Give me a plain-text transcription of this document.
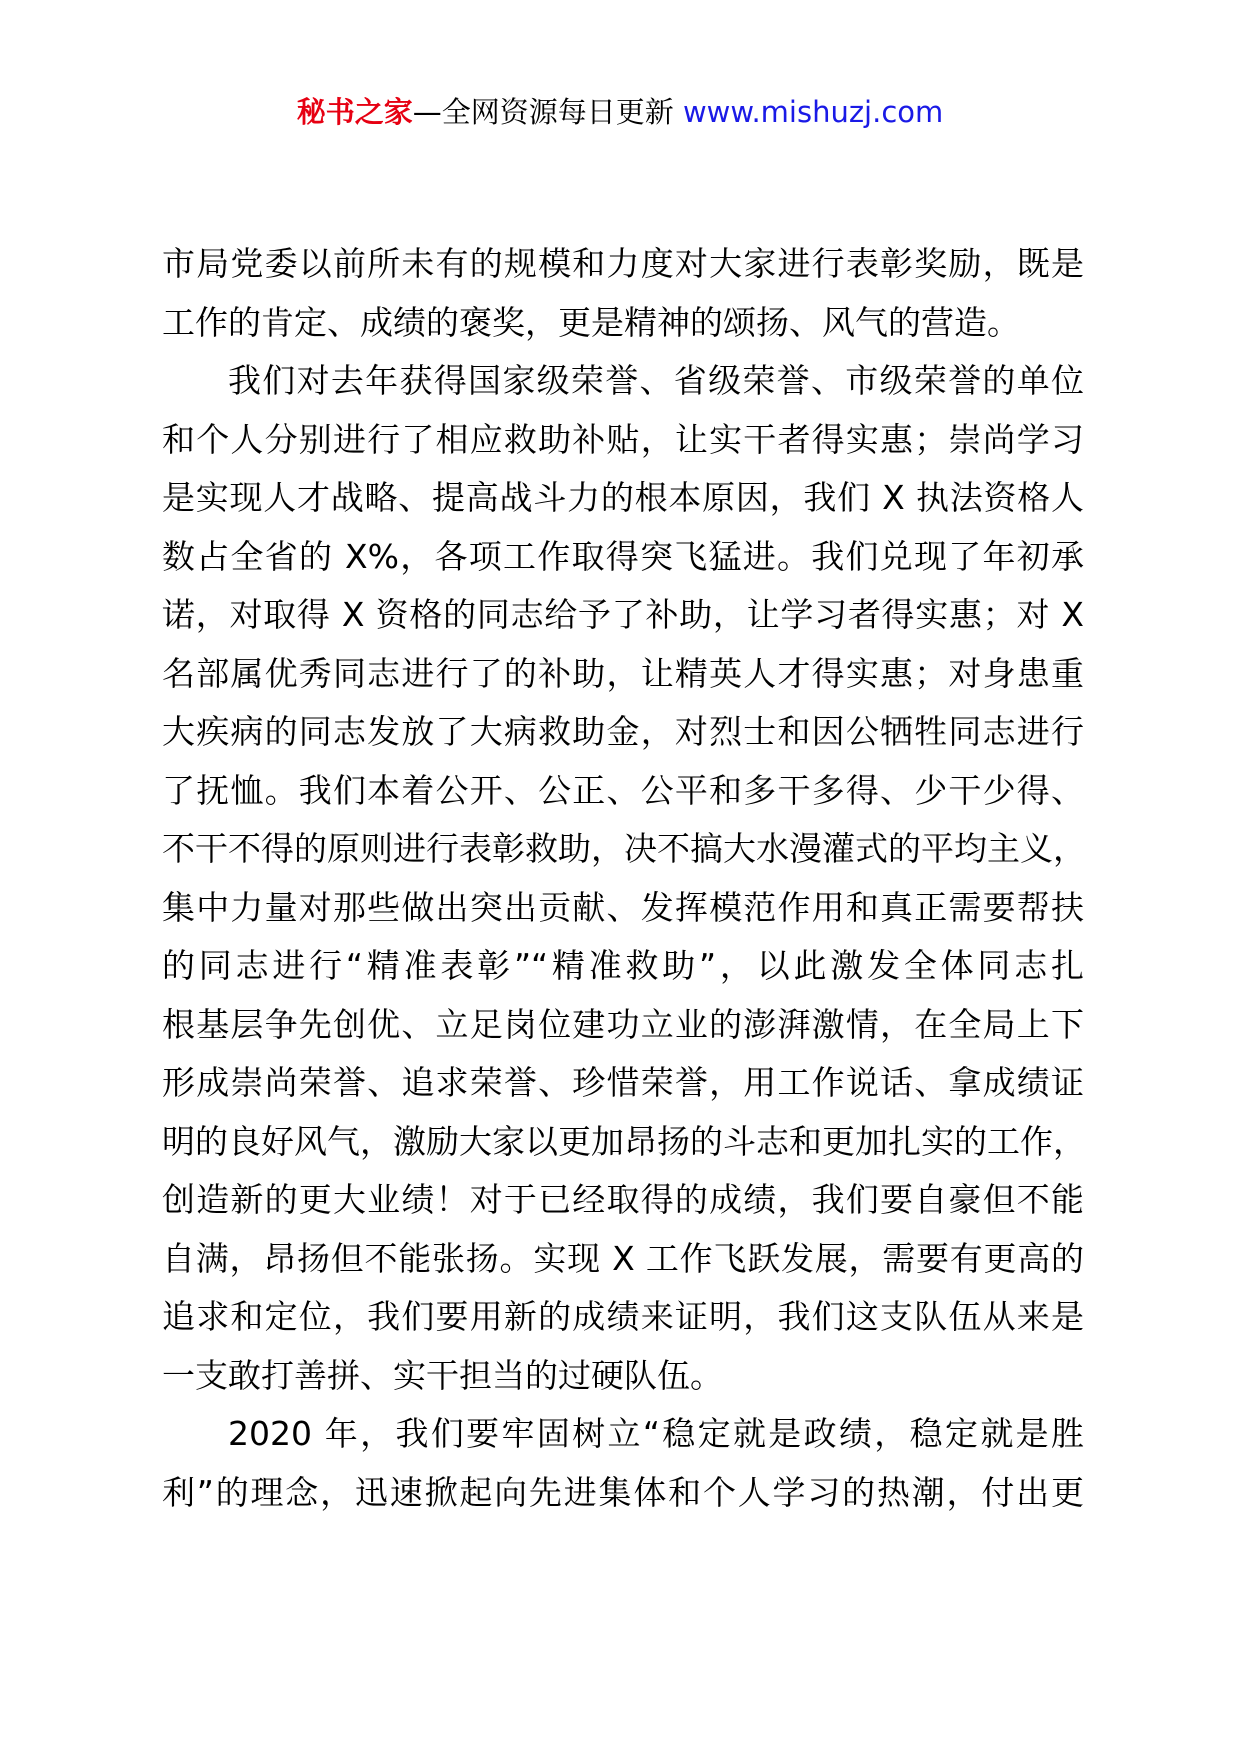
秘书之家—全网资源每日更新 www.mishuzj.com
市局党委以前所未有的规模和力度对大家进行表彰奖励，既是
工作的肯定、成绩的褒奖，更是精神的颂扬、风气的营造。
我们对去年获得国家级荣誉、省级荣誉、市级荣誉的单位
和个人分别进行了相应救助补贴，让实干者得实惠；崇尚学习
是实现人才战略、提高战斗力的根本原因，我们 X 执法资格人
数占全省的 X%，各项工作取得突飞猛进。我们兑现了年初承
诺，对取得 X 资格的同志给予了补助，让学习者得实惠；对 X
名部属优秀同志进行了的补助，让精英人才得实惠；对身患重
大疾病的同志发放了大病救助金，对烈士和因公牺牲同志进行
了抚恤。我们本着公开、公正、公平和多干多得、少干少得、
不干不得的原则进行表彰救助，决不搞大水漫灌式的平均主义，
集中力量对那些做出突出贡献、发挥模范作用和真正需要帮扶
的同志进行“精准表彰”“精准救助”，以此激发全体同志扎
根基层争先创优、立足岗位建功立业的澎湃激情，在全局上下
形成崇尚荣誉、追求荣誉、珍惜荣誉，用工作说话、拿成绩证
明的良好风气，激励大家以更加昂扬的斗志和更加扎实的工作，
创造新的更大业绩！对于已经取得的成绩，我们要自豪但不能
自满，昂扬但不能张扬。实现 X 工作飞跃发展，需要有更高的
追求和定位，我们要用新的成绩来证明，我们这支队伍从来是
一支敢打善拼、实干担当的过硬队伍。
2020 年，我们要牢固树立“稳定就是政绩，稳定就是胜
利”的理念，迅速掀起向先进集体和个人学习的热潮，付出更
